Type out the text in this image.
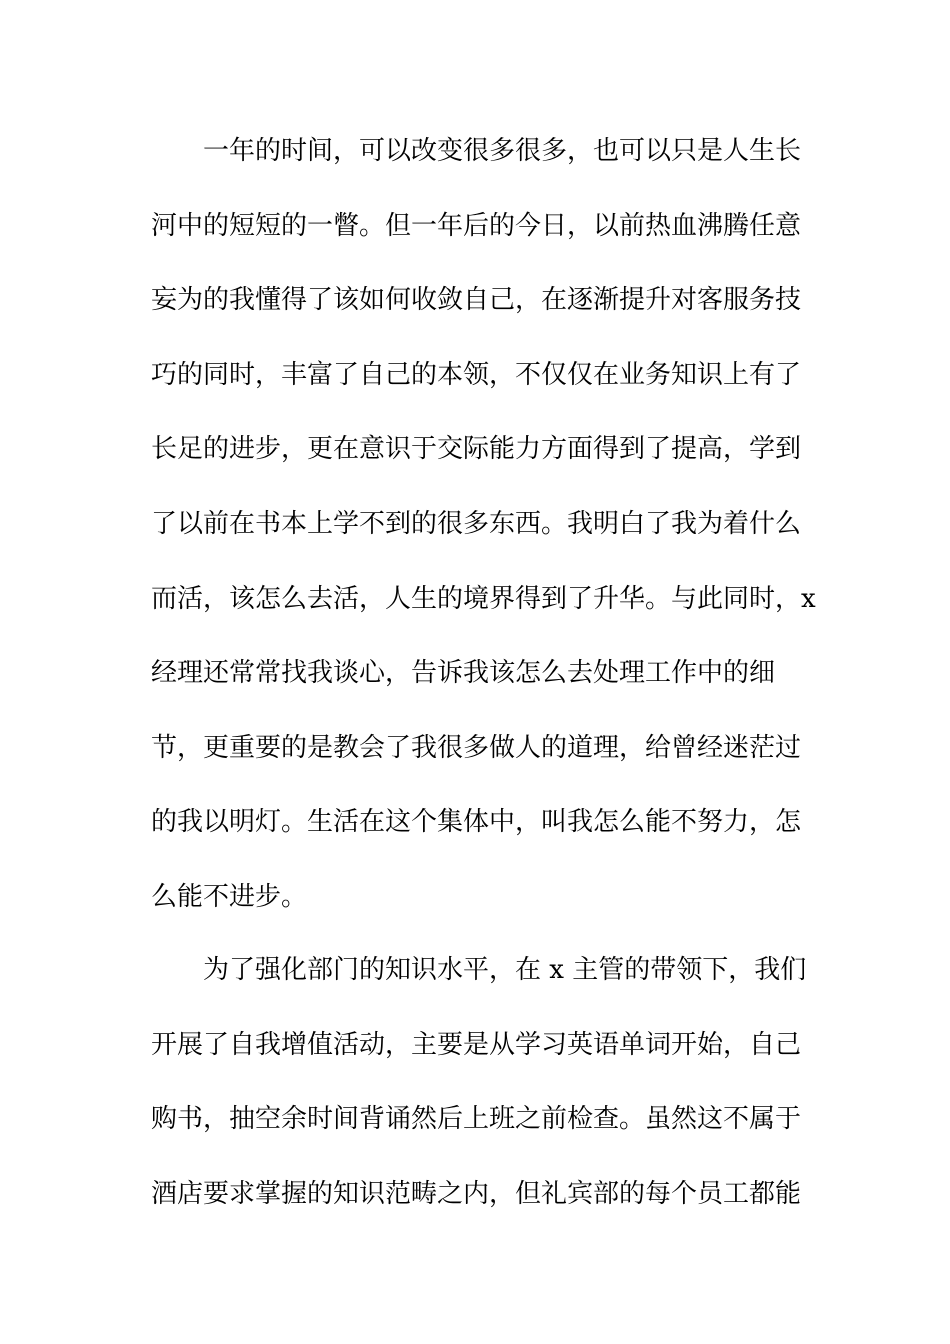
　　一年的时间，可以改变很多很多，也可以只是人生长
河中的短短的一瞥。但一年后的今日，以前热血沸腾任意
妄为的我懂得了该如何收敛自己，在逐渐提升对客服务技
巧的同时，丰富了自己的本领，不仅仅在业务知识上有了
长足的进步，更在意识于交际能力方面得到了提高，学到
了以前在书本上学不到的很多东西。我明白了我为着什么
而活，该怎么去活，人生的境界得到了升华。与此同时，x
经理还常常找我谈心，告诉我该怎么去处理工作中的细
节，更重要的是教会了我很多做人的道理，给曾经迷茫过
的我以明灯。生活在这个集体中，叫我怎么能不努力，怎
么能不进步。
　　为了强化部门的知识水平，在 x 主管的带领下，我们
开展了自我增值活动，主要是从学习英语单词开始，自己
购书，抽空余时间背诵然后上班之前检查。虽然这不属于
酒店要求掌握的知识范畴之内，但礼宾部的每个员工都能
